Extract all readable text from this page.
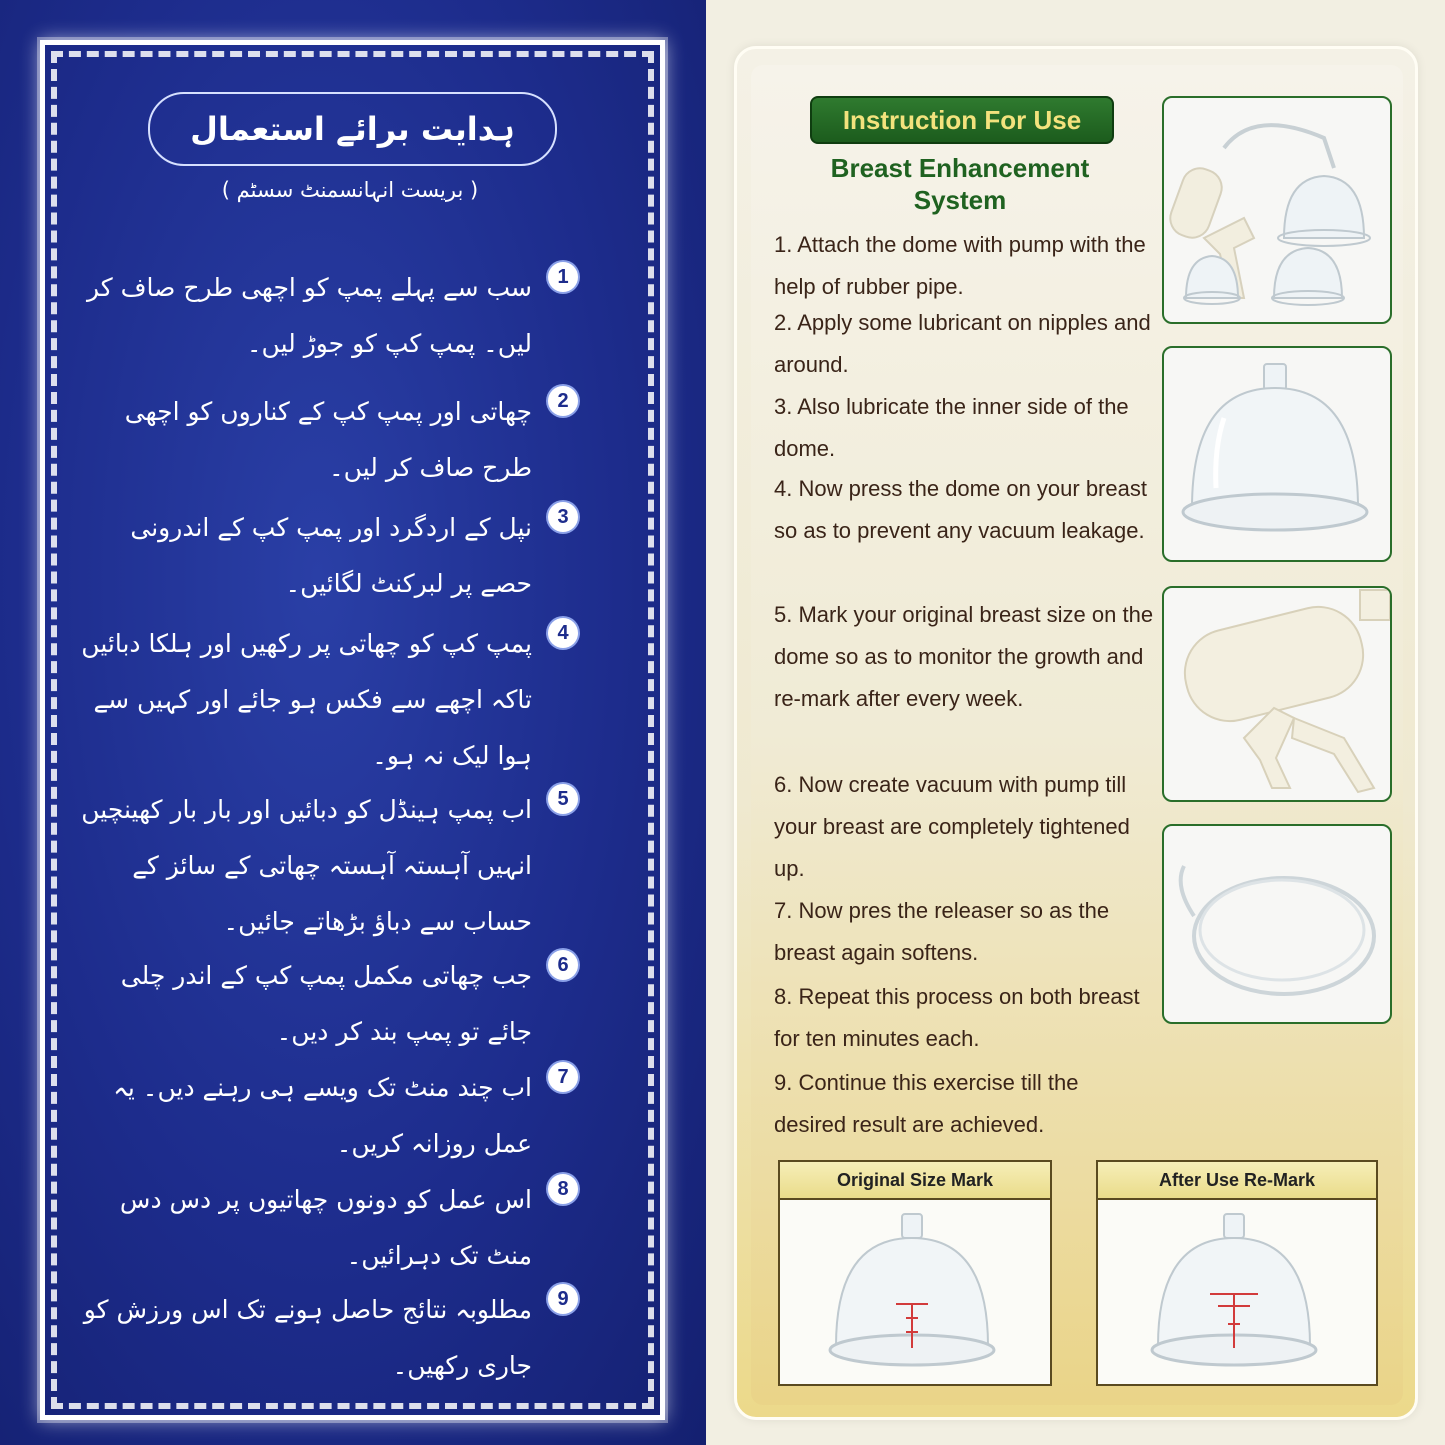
ہدایت برائے استعمال
( بریست انہانسمنٹ سسٹم )
1
سب سے پہلے پمپ کو اچھی طرح صاف کر لیں۔ پمپ کپ کو جوڑ لیں۔
2
چھاتی اور پمپ کپ کے کناروں کو اچھی طرح صاف کر لیں۔
3
نپل کے اردگرد اور پمپ کپ کے اندرونی حصے پر لبرکنٹ لگائیں۔
4
پمپ کپ کو چھاتی پر رکھیں اور ہلکا دبائیں تاکہ اچھے سے فکس ہو جائے اور کہیں سے ہوا لیک نہ ہو۔
5
اب پمپ ہینڈل کو دبائیں اور بار بار کھینچیں انہیں آہستہ آہستہ چھاتی کے سائز کے حساب سے دباؤ بڑھاتے جائیں۔
6
جب چھاتی مکمل پمپ کپ کے اندر چلی جائے تو پمپ بند کر دیں۔
7
اب چند منٹ تک ویسے ہی رہنے دیں۔ یہ عمل روزانہ کریں۔
8
اس عمل کو دونوں چھاتیوں پر دس دس منٹ تک دہرائیں۔
9
مطلوبہ نتائج حاصل ہونے تک اس ورزش کو جاری رکھیں۔
Instruction For Use
Breast Enhancement System
1. Attach the dome with pump with the help of rubber pipe.
2. Apply some lubricant on nipples and around.
3. Also lubricate the inner side of the dome.
4. Now press the dome on your breast so as to prevent any vacuum leakage.
5. Mark your original breast size on the dome so as to monitor the growth and re-mark after every week.
6. Now create vacuum with pump till your breast are completely tightened up.
7. Now pres the releaser so as the breast again softens.
8. Repeat this process on both breast for ten minutes each.
9. Continue this exercise till the desired result are achieved.
Original Size Mark	After Use Re-Mark
